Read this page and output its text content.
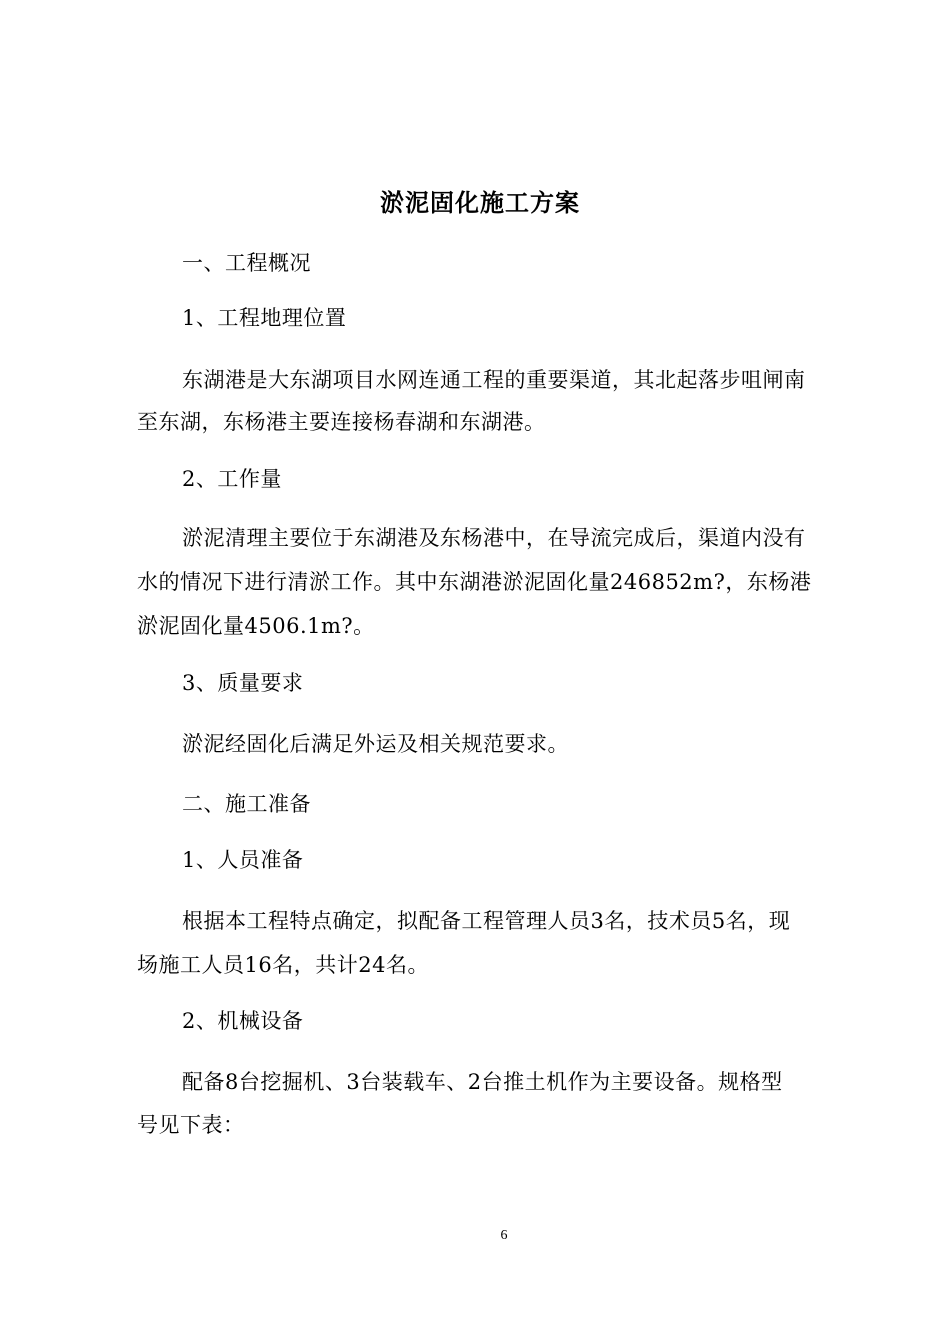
淤泥固化施工方案
一、工程概况
1、工程地理位置
东湖港是大东湖项目水网连通工程的重要渠道，其北起落步咀闸南
至东湖，东杨港主要连接杨春湖和东湖港。
2、工作量
淤泥清理主要位于东湖港及东杨港中，在导流完成后，渠道内没有
水的情况下进行清淤工作。其中东湖港淤泥固化量246852m?，东杨港
淤泥固化量4506.1m?。
3、质量要求
淤泥经固化后满足外运及相关规范要求。
二、施工准备
1、人员准备
根据本工程特点确定，拟配备工程管理人员3名，技术员5名，现
场施工人员16名，共计24名。
2、机械设备
配备8台挖掘机、3台装载车、2台推土机作为主要设备。规格型
号见下表：
6
